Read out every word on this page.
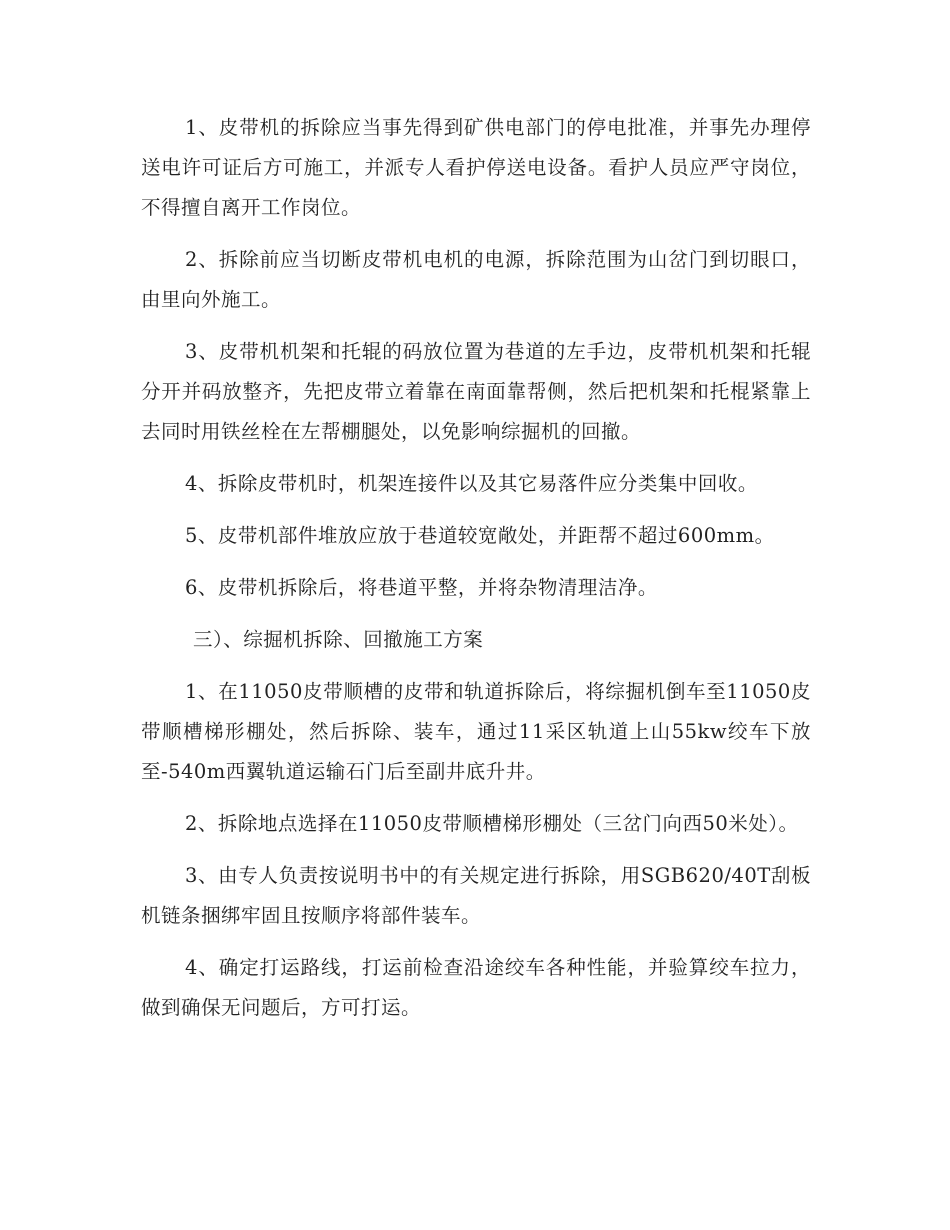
1、皮带机的拆除应当事先得到矿供电部门的停电批准，并事先办理停送电许可证后方可施工，并派专人看护停送电设备。看护人员应严守岗位，不得擅自离开工作岗位。

2、拆除前应当切断皮带机电机的电源，拆除范围为山岔门到切眼口，由里向外施工。

3、皮带机机架和托辊的码放位置为巷道的左手边，皮带机机架和托辊分开并码放整齐，先把皮带立着靠在南面靠帮侧，然后把机架和托棍紧靠上去同时用铁丝栓在左帮棚腿处，以免影响综掘机的回撤。

4、拆除皮带机时，机架连接件以及其它易落件应分类集中回收。

5、皮带机部件堆放应放于巷道较宽敞处，并距帮不超过600mm。

6、皮带机拆除后，将巷道平整，并将杂物清理洁净。

三）、综掘机拆除、回撤施工方案

1、在11050皮带顺槽的皮带和轨道拆除后，将综掘机倒车至11050皮带顺槽梯形棚处，然后拆除、装车，通过11采区轨道上山55kw绞车下放至-540m西翼轨道运输石门后至副井底升井。

2、拆除地点选择在11050皮带顺槽梯形棚处（三岔门向西50米处）。

3、由专人负责按说明书中的有关规定进行拆除，用SGB620/40T刮板机链条捆绑牢固且按顺序将部件装车。

4、确定打运路线，打运前检查沿途绞车各种性能，并验算绞车拉力，做到确保无问题后，方可打运。
